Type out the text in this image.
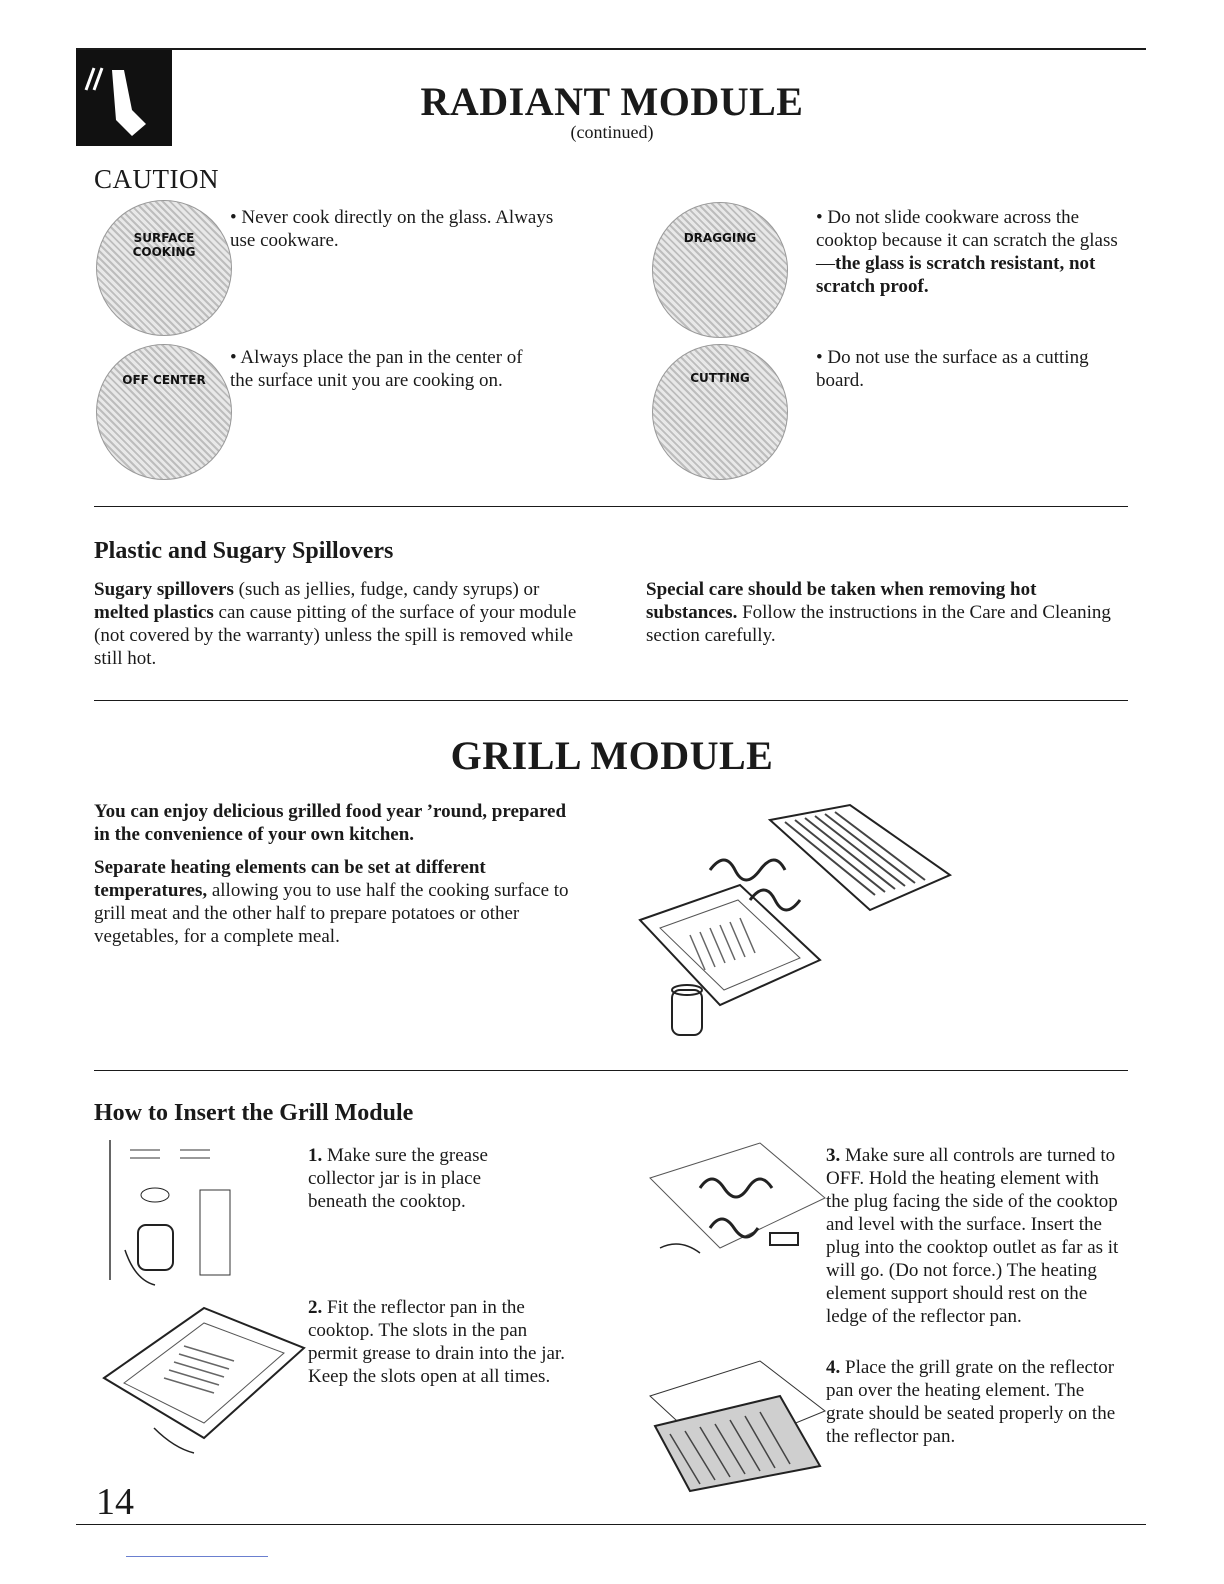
RADIANT MODULE
(continued)
CAUTION
SURFACE
COOKING
• Never cook directly on the glass. Always use cookware.	DRAGGING
• Do not slide cookware across the cooktop because it can scratch the glass—the glass is scratch resistant, not scratch proof.
OFF CENTER
• Always place the pan in the center of the surface unit you are cooking on.	CUTTING
• Do not use the surface as a cutting board.
Plastic and Sugary Spillovers
Sugary spillovers (such as jellies, fudge, candy syrups) or melted plastics can cause pitting of the surface of your module (not covered by the warranty) unless the spill is removed while still hot.
Special care should be taken when removing hot substances. Follow the instructions in the Care and Cleaning section carefully.
GRILL MODULE
You can enjoy delicious grilled food year ’round, prepared in the convenience of your own kitchen.
Separate heating elements can be set at different temperatures, allowing you to use half the cooking surface to grill meat and the other half to prepare potatoes or other vegetables, for a complete meal.
How to Insert the Grill Module
1. Make sure the grease collector jar is in place beneath the cooktop.
2. Fit the reflector pan in the cooktop. The slots in the pan permit grease to drain into the jar. Keep the slots open at all times.
3. Make sure all controls are turned to OFF. Hold the heating element with the plug facing the side of the cooktop and level with the surface. Insert the plug into the cooktop outlet as far as it will go. (Do not force.) The heating element support should rest on the ledge of the reflector pan.
4. Place the grill grate on the reflector pan over the heating element. The grate should be seated properly on the the reflector pan.
14
